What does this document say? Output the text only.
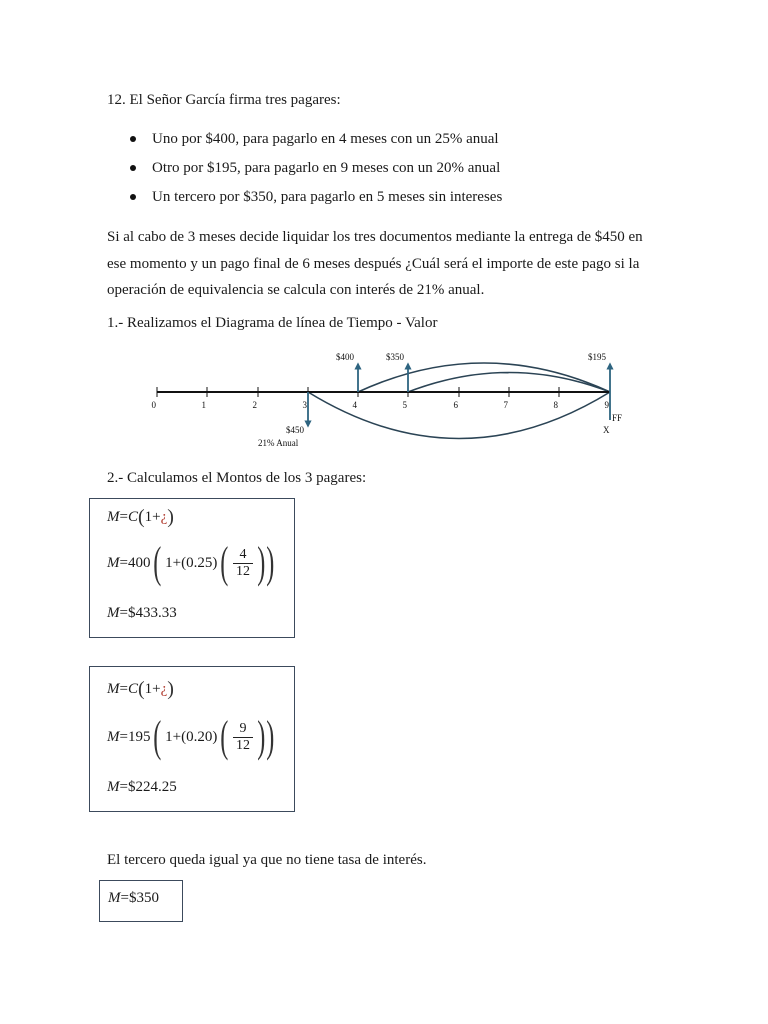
12. El Señor García firma tres pagares:

Uno por $400, para pagarlo en 4 meses con un 25% anual
Otro por $195, para pagarlo en 9 meses con un 20% anual
Un tercero por $350, para pagarlo en 5 meses sin intereses
Si al cabo de 3 meses decide liquidar los tres documentos mediante la entrega de $450 en
ese momento y un pago final de 6 meses después ¿Cuál será el importe de este pago si la
operación de equivalencia se calcula con interés de 21% anual.

1.- Realizamos el Diagrama de línea de Tiempo - Valor

0	1	2	3	4	5	6	7	8	9
$400	$350	$195
$450
21% Anual
FF
X

2.- Calculamos el Montos de los 3 pagares:

M = C ( 1+ ¿ )
M = 400 ( 1+ (0.25) ( $\frac{4}{12}$ ) )
M = $433.33
M = C ( 1+ ¿ )
M = 195 ( 1+ (0.20) ( $\frac{9}{12}$ ) )
M = $224.25

El tercero queda igual ya que no tiene tasa de interés.

M = $350
